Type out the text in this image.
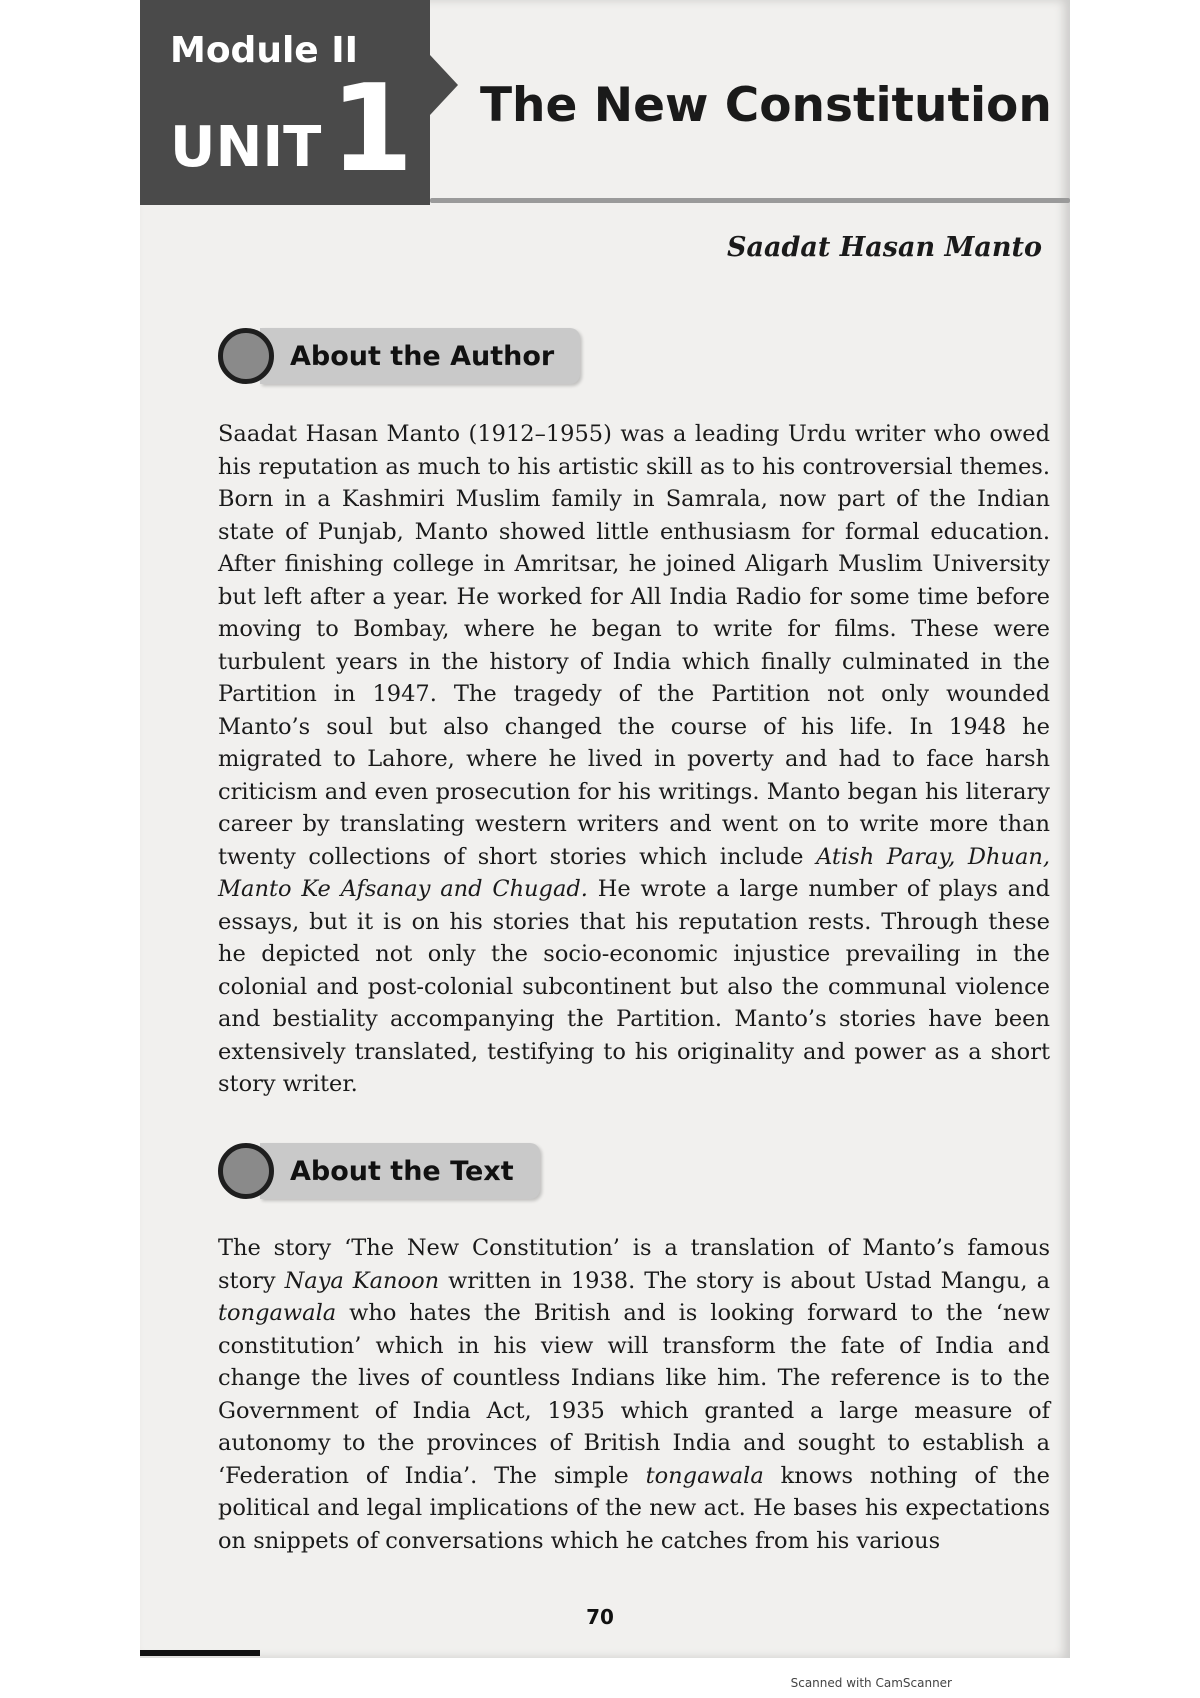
Module II
UNIT 1 The New Constitution
Saadat Hasan Manto
About the Author

Saadat Hasan Manto (1912–1955) was a leading Urdu writer who owed his reputation as much to his artistic skill as to his controversial themes. Born in a Kashmiri Muslim family in Samrala, now part of the Indian state of Punjab, Manto showed little enthusiasm for formal education. After finishing college in Amritsar, he joined Aligarh Muslim University but left after a year. He worked for All India Radio for some time before moving to Bombay, where he began to write for films. These were turbulent years in the history of India which finally culminated in the Partition in 1947. The tragedy of the Partition not only wounded Manto’s soul but also changed the course of his life. In 1948 he migrated to Lahore, where he lived in poverty and had to face harsh criticism and even prosecution for his writings. Manto began his literary career by translating western writers and went on to write more than twenty collections of short stories which include Atish Paray, Dhuan, Manto Ke Afsanay and Chugad. He wrote a large number of plays and essays, but it is on his stories that his reputation rests. Through these he depicted not only the socio-economic injustice prevailing in the colonial and post-colonial subcontinent but also the communal violence and bestiality accompanying the Partition. Manto’s stories have been extensively translated, testifying to his originality and power as a short story writer.

About the Text

The story ‘The New Constitution’ is a translation of Manto’s famous story Naya Kanoon written in 1938. The story is about Ustad Mangu, a tongawala who hates the British and is looking forward to the ‘new constitution’ which in his view will transform the fate of India and change the lives of countless Indians like him. The reference is to the Government of India Act, 1935 which granted a large measure of autonomy to the provinces of British India and sought to establish a ‘Federation of India’. The simple tongawala knows nothing of the political and legal implications of the new act. He bases his expectations on snippets of conversations which he catches from his various

70
Scanned with CamScanner
